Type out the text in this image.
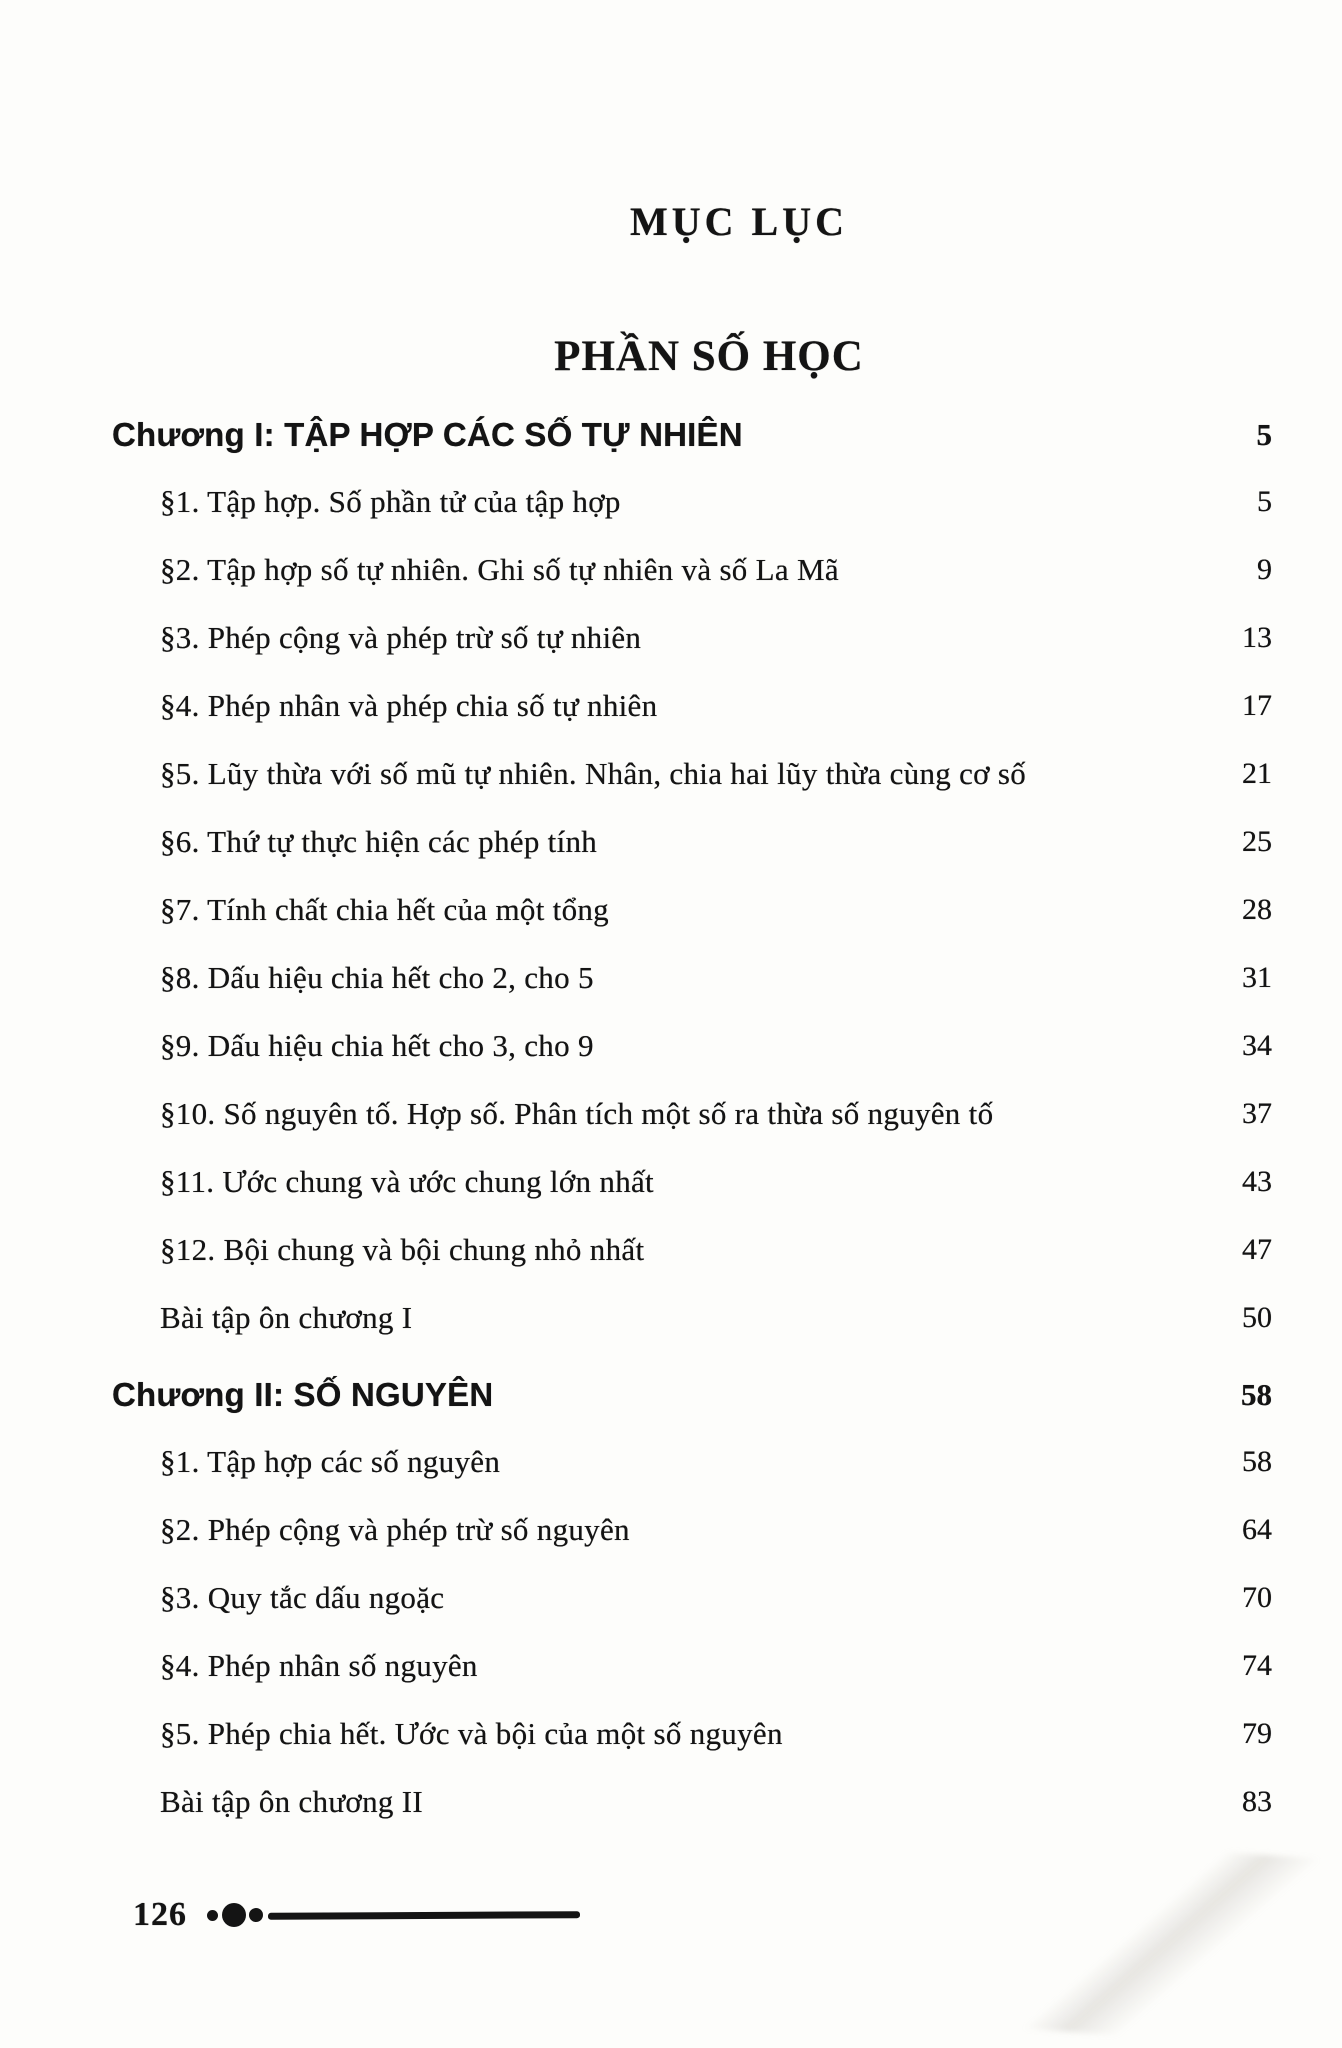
MỤC LỤC
PHẦN SỐ HỌC
Chương I: TẬP HỢP CÁC SỐ TỰ NHIÊN	5
§1. Tập hợp. Số phần tử của tập hợp	5
§2. Tập hợp số tự nhiên. Ghi số tự nhiên và số La Mã	9
§3. Phép cộng và phép trừ số tự nhiên	13
§4. Phép nhân và phép chia số tự nhiên	17
§5. Lũy thừa với số mũ tự nhiên. Nhân, chia hai lũy thừa cùng cơ số	21
§6. Thứ tự thực hiện các phép tính	25
§7. Tính chất chia hết của một tổng	28
§8. Dấu hiệu chia hết cho 2, cho 5	31
§9. Dấu hiệu chia hết cho 3, cho 9	34
§10. Số nguyên tố. Hợp số. Phân tích một số ra thừa số nguyên tố	37
§11. Ước chung và ước chung lớn nhất	43
§12. Bội chung và bội chung nhỏ nhất	47
Bài tập ôn chương I	50
Chương II: SỐ NGUYÊN	58
§1. Tập hợp các số nguyên	58
§2. Phép cộng và phép trừ số nguyên	64
§3. Quy tắc dấu ngoặc	70
§4. Phép nhân số nguyên	74
§5. Phép chia hết. Ước và bội của một số nguyên	79
Bài tập ôn chương II	83
126
